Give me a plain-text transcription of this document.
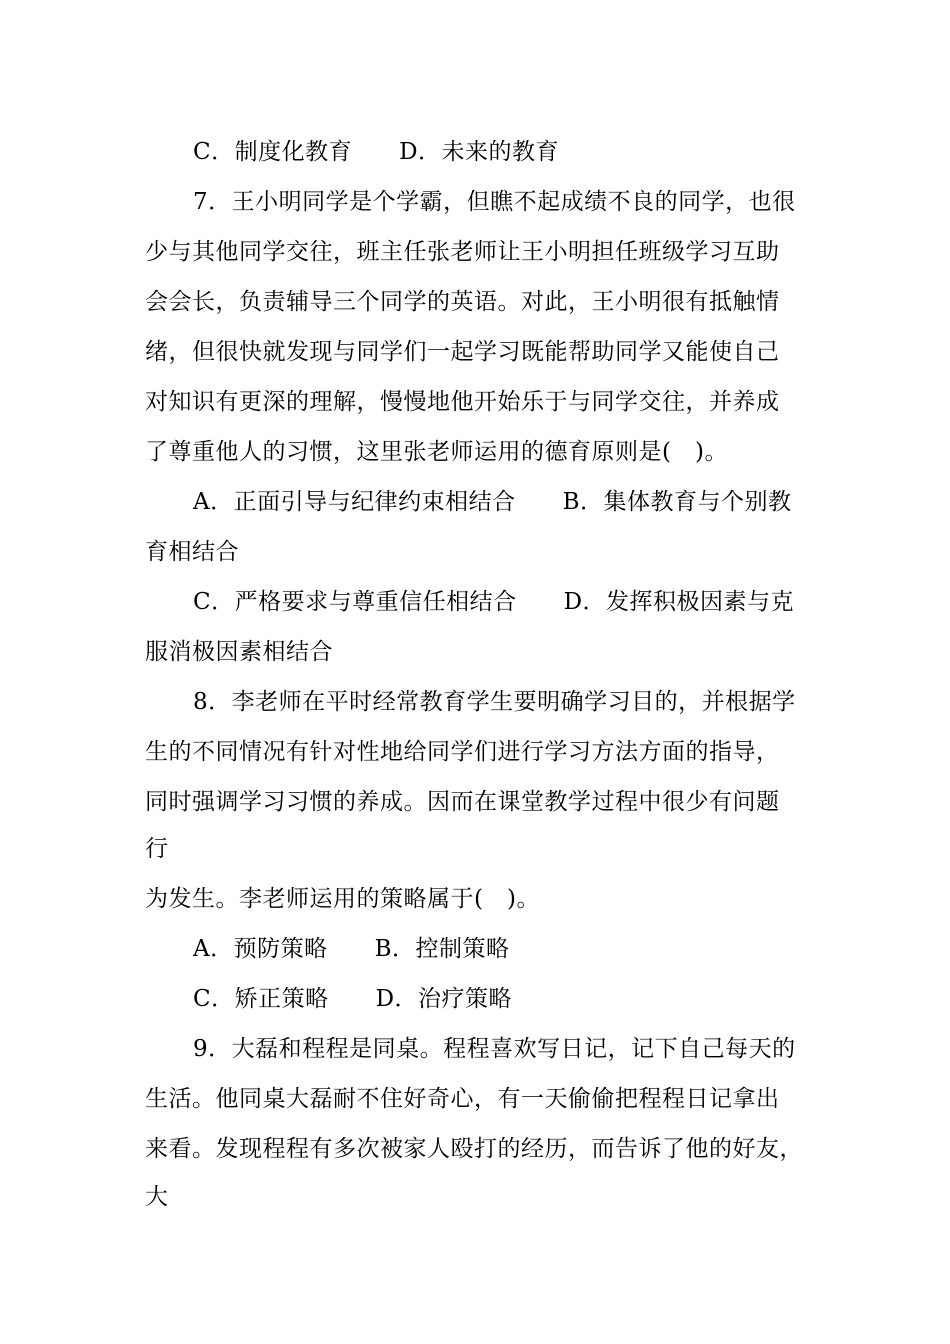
C．制度化教育　　D．未来的教育
7．王小明同学是个学霸，但瞧不起成绩不良的同学，也很
少与其他同学交往，班主任张老师让王小明担任班级学习互助
会会长，负责辅导三个同学的英语。对此，王小明很有抵触情
绪，但很快就发现与同学们一起学习既能帮助同学又能使自己
对知识有更深的理解，慢慢地他开始乐于与同学交往，并养成
了尊重他人的习惯，这里张老师运用的德育原则是(　)。
A．正面引导与纪律约束相结合　　B．集体教育与个别教
育相结合
C．严格要求与尊重信任相结合　　D．发挥积极因素与克
服消极因素相结合
8．李老师在平时经常教育学生要明确学习目的，并根据学
生的不同情况有针对性地给同学们进行学习方法方面的指导，
同时强调学习习惯的养成。因而在课堂教学过程中很少有问题
行
为发生。李老师运用的策略属于(　)。
A．预防策略　　B．控制策略
C．矫正策略　　D．治疗策略
9．大磊和程程是同桌。程程喜欢写日记，记下自己每天的
生活。他同桌大磊耐不住好奇心，有一天偷偷把程程日记拿出
来看。发现程程有多次被家人殴打的经历，而告诉了他的好友，
大
